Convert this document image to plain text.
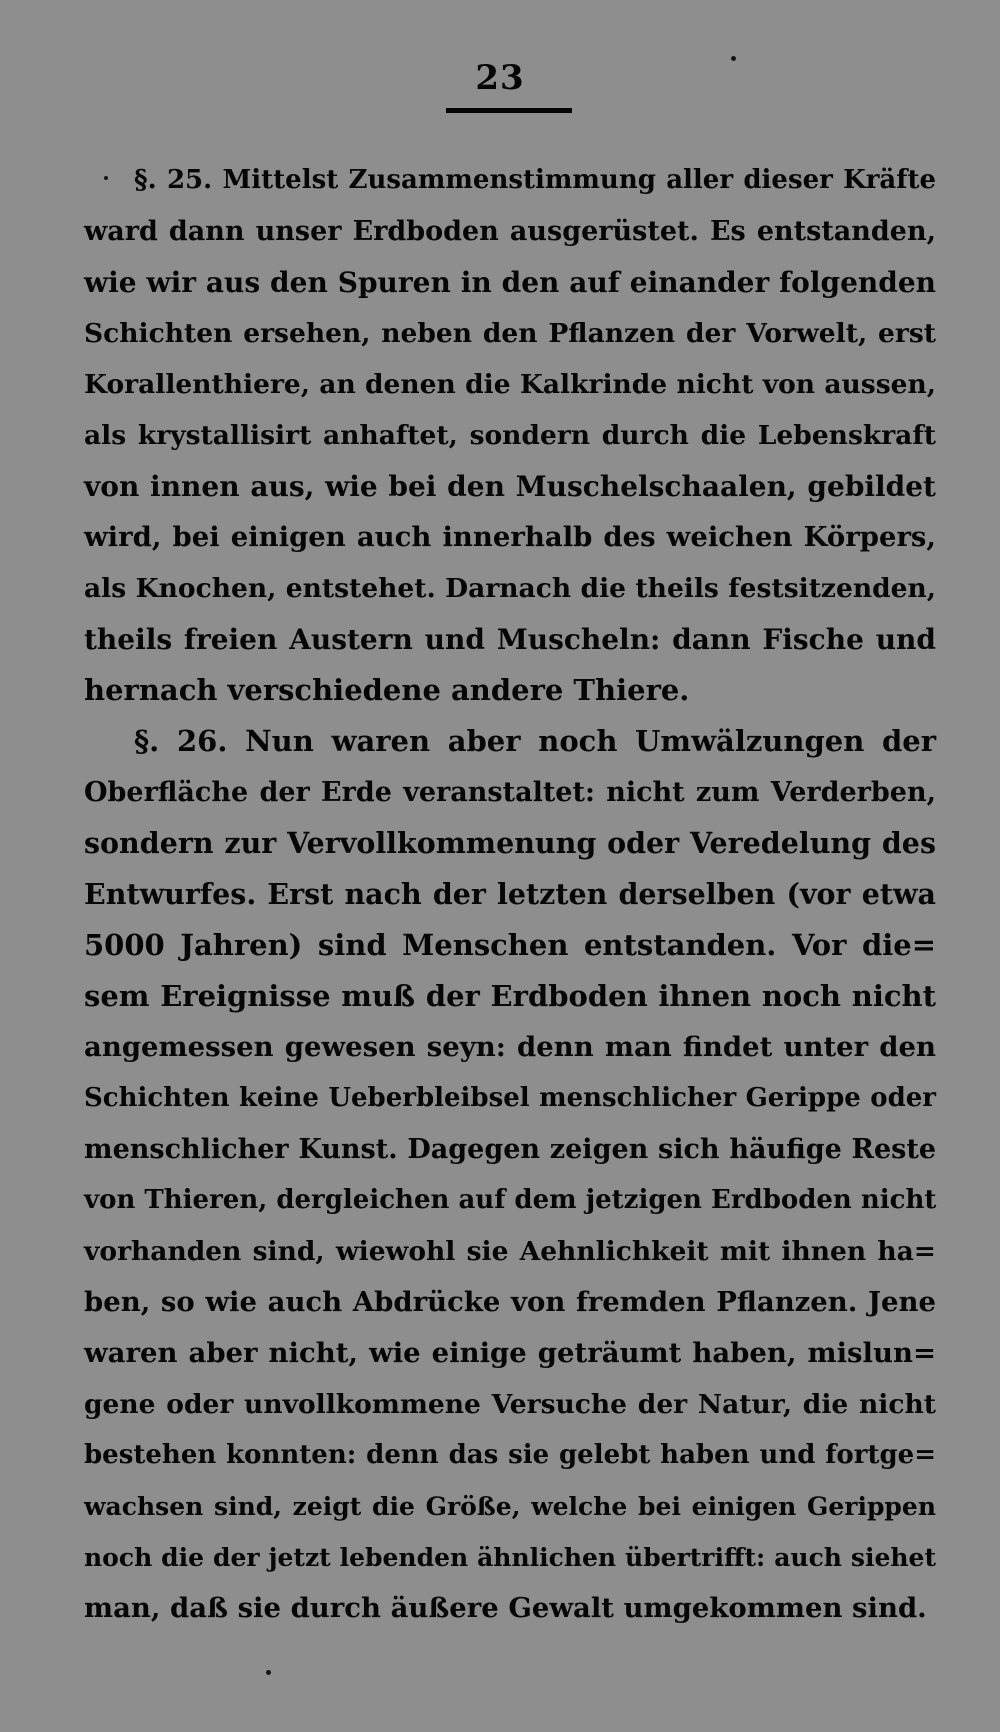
23
§. 25. Mittelst Zusammenstimmung aller dieser Kräfte
ward dann unser Erdboden ausgerüstet. Es entstanden,
wie wir aus den Spuren in den auf einander folgenden
Schichten ersehen, neben den Pflanzen der Vorwelt, erst
Korallenthiere, an denen die Kalkrinde nicht von aussen,
als krystallisirt anhaftet, sondern durch die Lebenskraft
von innen aus, wie bei den Muschelschaalen, gebildet
wird, bei einigen auch innerhalb des weichen Körpers,
als Knochen, entstehet. Darnach die theils festsitzenden,
theils freien Austern und Muscheln: dann Fische und
hernach verschiedene andere Thiere.
§. 26. Nun waren aber noch Umwälzungen der
Oberfläche der Erde veranstaltet: nicht zum Verderben,
sondern zur Vervollkommenung oder Veredelung des
Entwurfes. Erst nach der letzten derselben (vor etwa
5000 Jahren) sind Menschen entstanden. Vor die=
sem Ereignisse muß der Erdboden ihnen noch nicht
angemessen gewesen seyn: denn man findet unter den
Schichten keine Ueberbleibsel menschlicher Gerippe oder
menschlicher Kunst. Dagegen zeigen sich häufige Reste
von Thieren, dergleichen auf dem jetzigen Erdboden nicht
vorhanden sind, wiewohl sie Aehnlichkeit mit ihnen ha=
ben, so wie auch Abdrücke von fremden Pflanzen. Jene
waren aber nicht, wie einige geträumt haben, mislun=
gene oder unvollkommene Versuche der Natur, die nicht
bestehen konnten: denn das sie gelebt haben und fortge=
wachsen sind, zeigt die Größe, welche bei einigen Gerippen
noch die der jetzt lebenden ähnlichen übertrifft: auch siehet
man, daß sie durch äußere Gewalt umgekommen sind.
